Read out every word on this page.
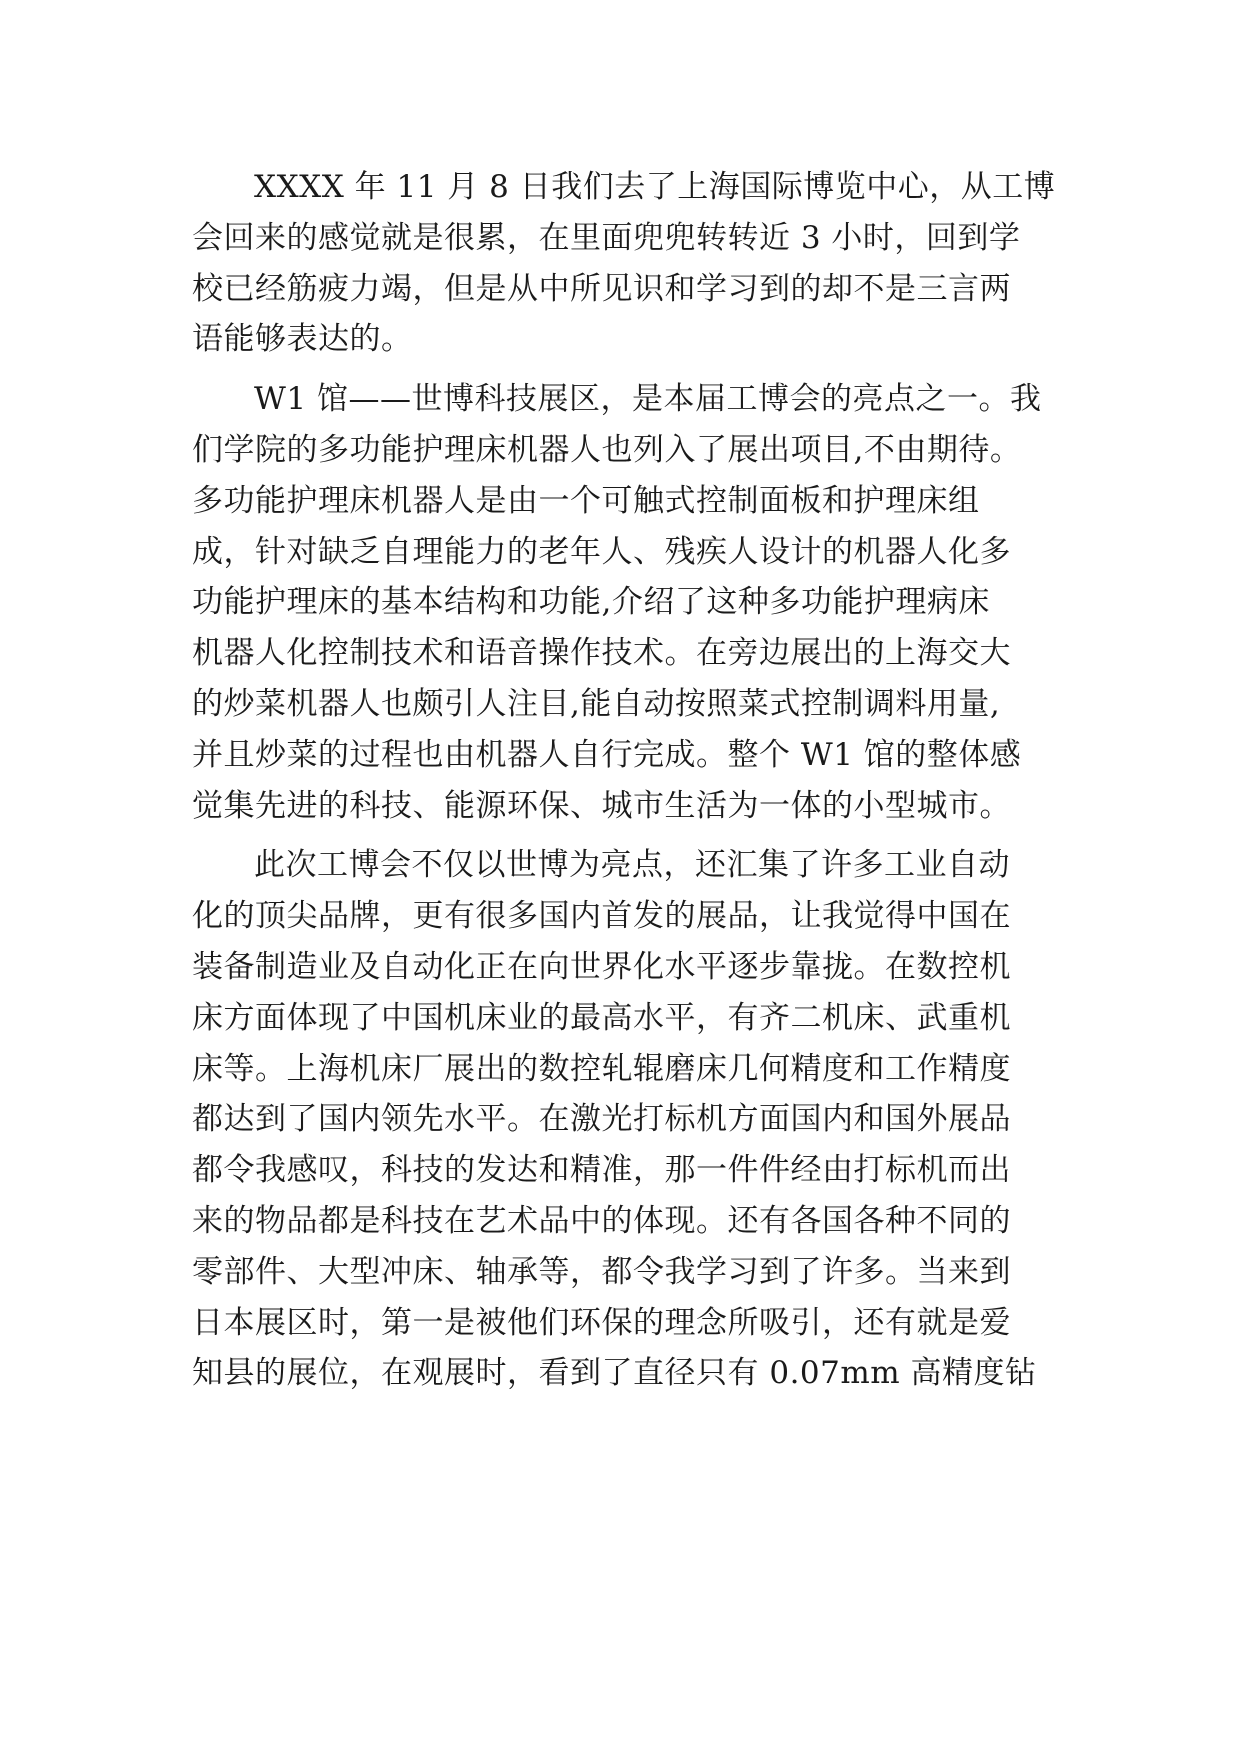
XXXX 年 11 月 8 日我们去了上海国际博览中心，从工博
会回来的感觉就是很累，在里面兜兜转转近 3 小时，回到学
校已经筋疲力竭，但是从中所见识和学习到的却不是三言两
语能够表达的。

W1 馆——世博科技展区，是本届工博会的亮点之一。我
们学院的多功能护理床机器人也列入了展出项目,不由期待。
多功能护理床机器人是由一个可触式控制面板和护理床组
成，针对缺乏自理能力的老年人、残疾人设计的机器人化多
功能护理床的基本结构和功能,介绍了这种多功能护理病床
机器人化控制技术和语音操作技术。在旁边展出的上海交大
的炒菜机器人也颇引人注目,能自动按照菜式控制调料用量,
并且炒菜的过程也由机器人自行完成。整个 W1 馆的整体感
觉集先进的科技、能源环保、城市生活为一体的小型城市。

此次工博会不仅以世博为亮点，还汇集了许多工业自动
化的顶尖品牌，更有很多国内首发的展品，让我觉得中国在
装备制造业及自动化正在向世界化水平逐步靠拢。在数控机
床方面体现了中国机床业的最高水平，有齐二机床、武重机
床等。上海机床厂展出的数控轧辊磨床几何精度和工作精度
都达到了国内领先水平。在激光打标机方面国内和国外展品
都令我感叹，科技的发达和精准，那一件件经由打标机而出
来的物品都是科技在艺术品中的体现。还有各国各种不同的
零部件、大型冲床、轴承等，都令我学习到了许多。当来到
日本展区时，第一是被他们环保的理念所吸引，还有就是爱
知县的展位，在观展时，看到了直径只有 0.07mm 高精度钻
